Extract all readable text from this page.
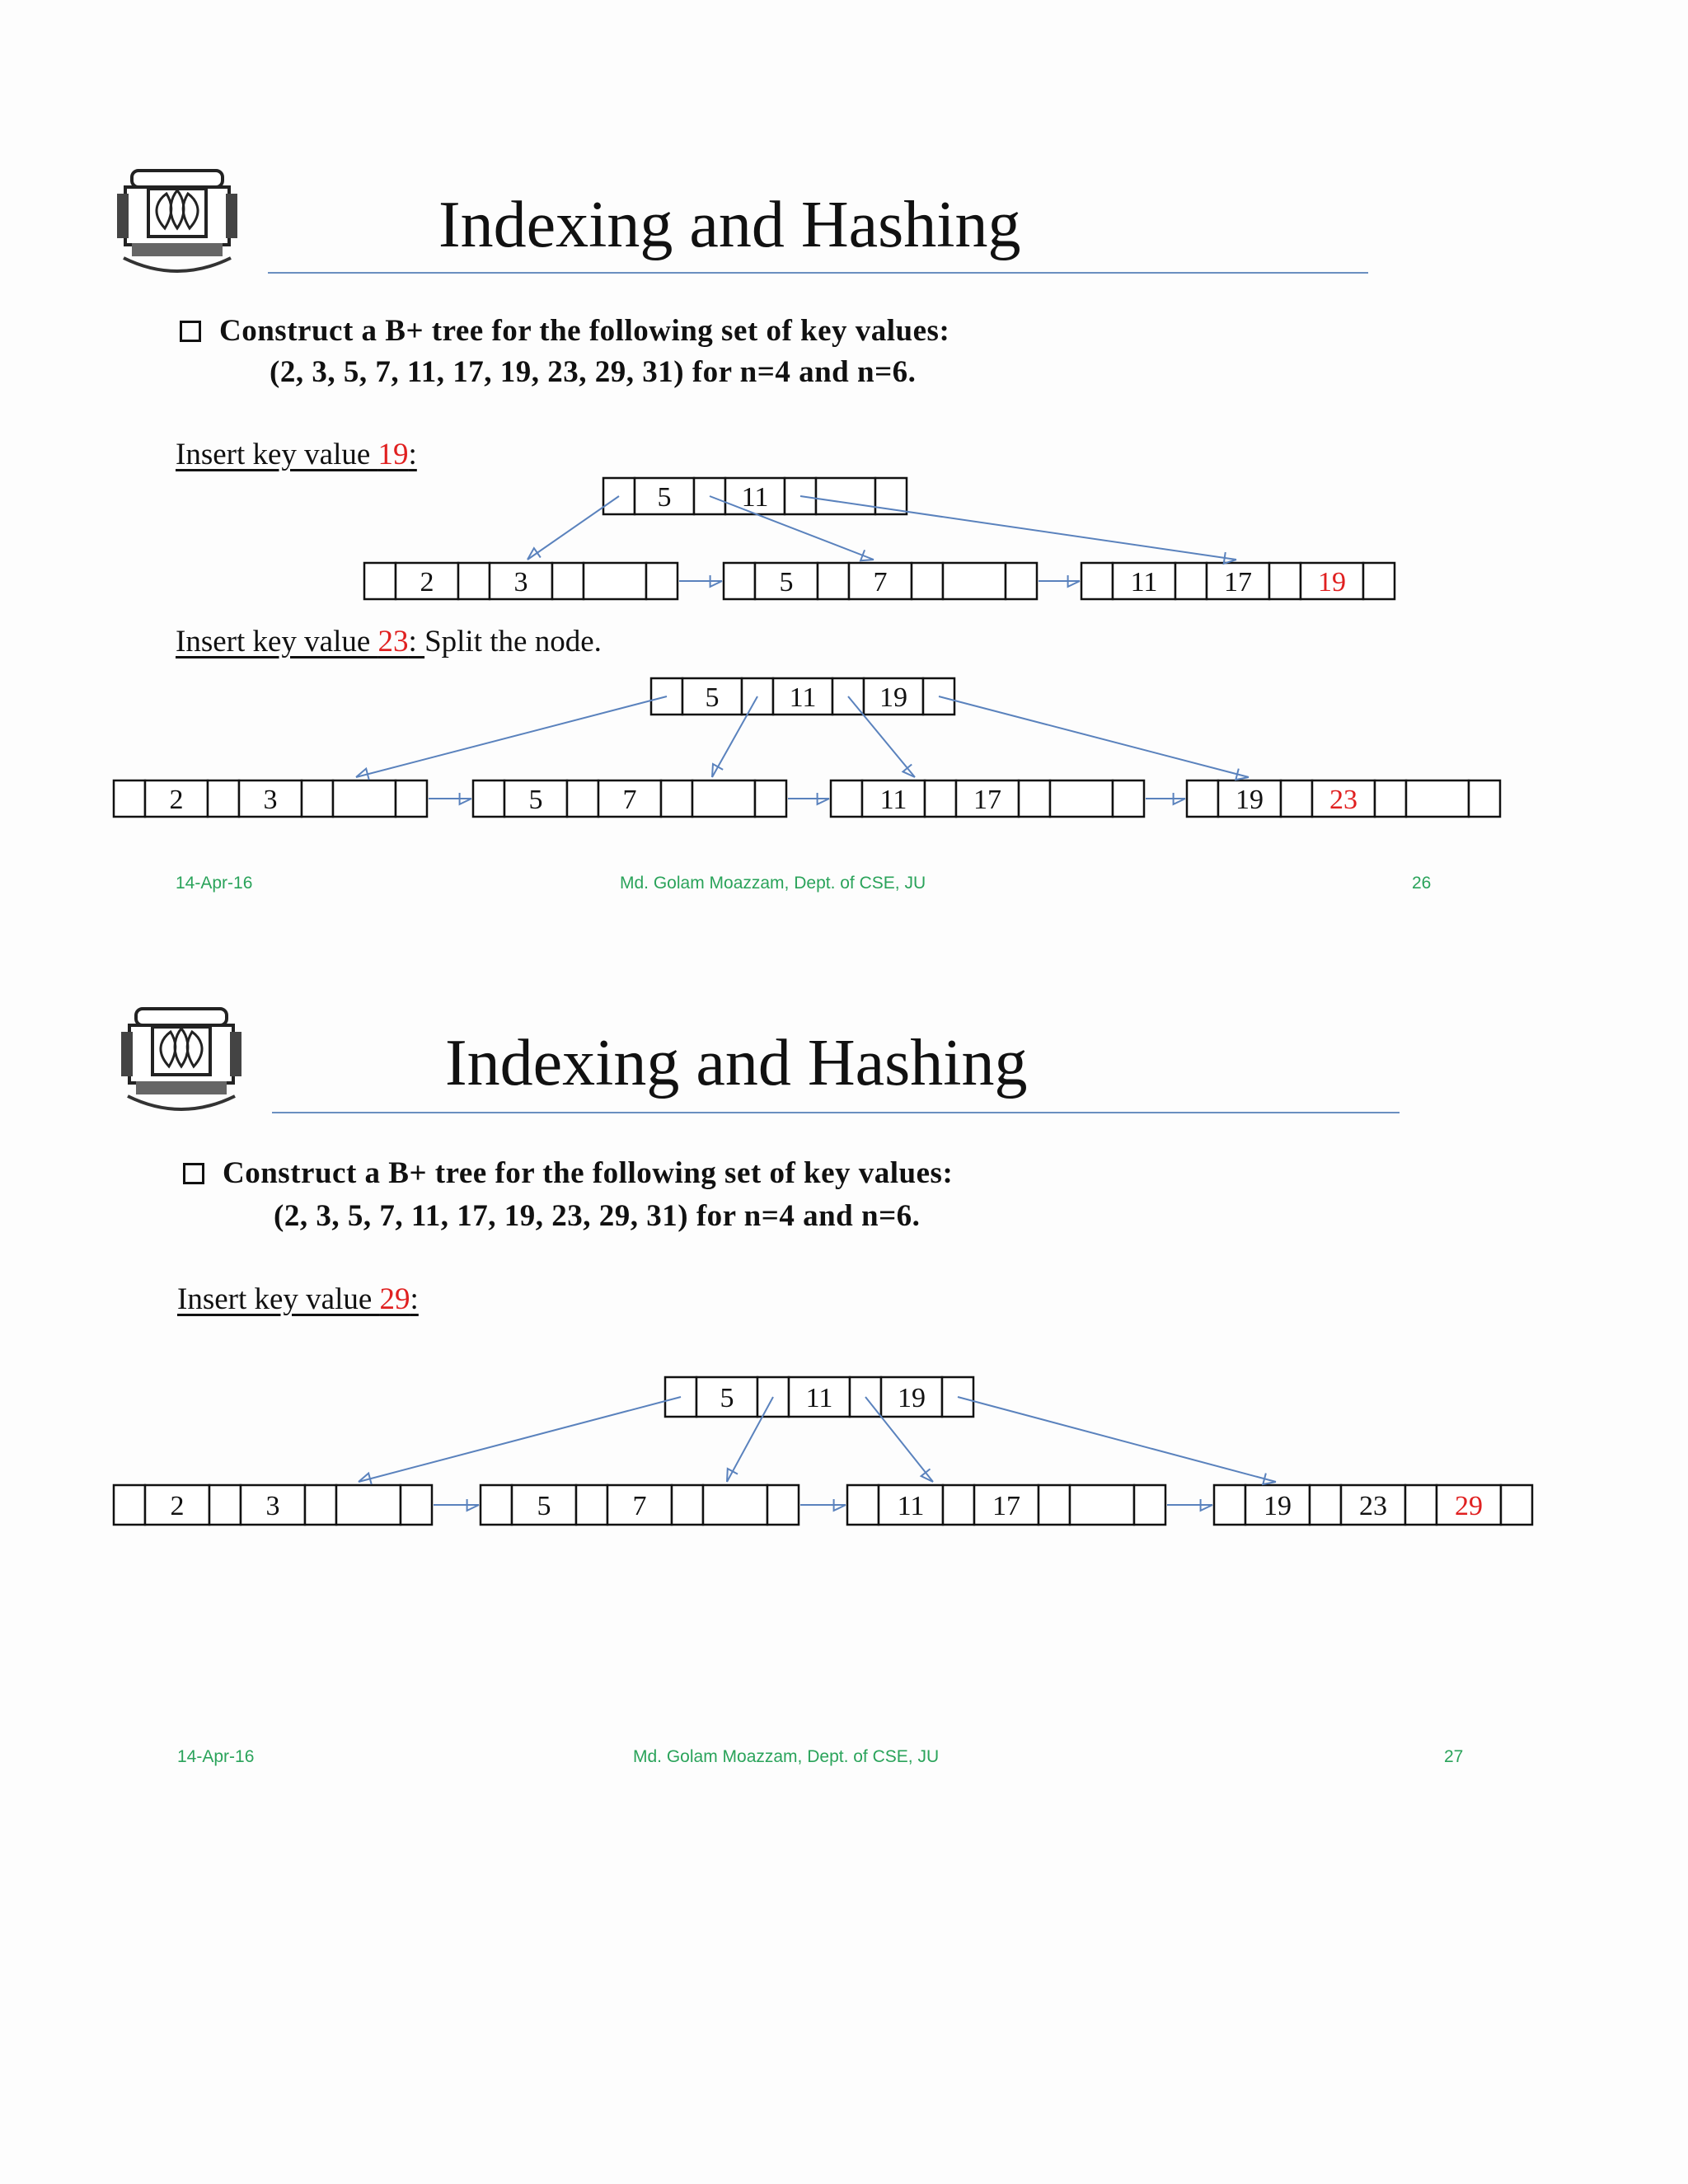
Indexing and Hashing
Construct a B+ tree for the following set of key values:
(2, 3, 5, 7, 11, 17, 19, 23, 29, 31) for n=4 and n=6.
Insert key value 19:
5	11
2	3	5	7	11 17 19
Insert key value 23: Split the node.
5	11 19
2	3	5	7	11 17	19 23
14-Apr-16	Md. Golam Moazzam, Dept. of CSE, JU	26
Indexing and Hashing
Construct a B+ tree for the following set of key values:
(2, 3, 5, 7, 11, 17, 19, 23, 29, 31) for n=4 and n=6.
Insert key value 29:
5	11 19
2	3	5	7	11 17	19 23 29
14-Apr-16	Md. Golam Moazzam, Dept. of CSE, JU	27
